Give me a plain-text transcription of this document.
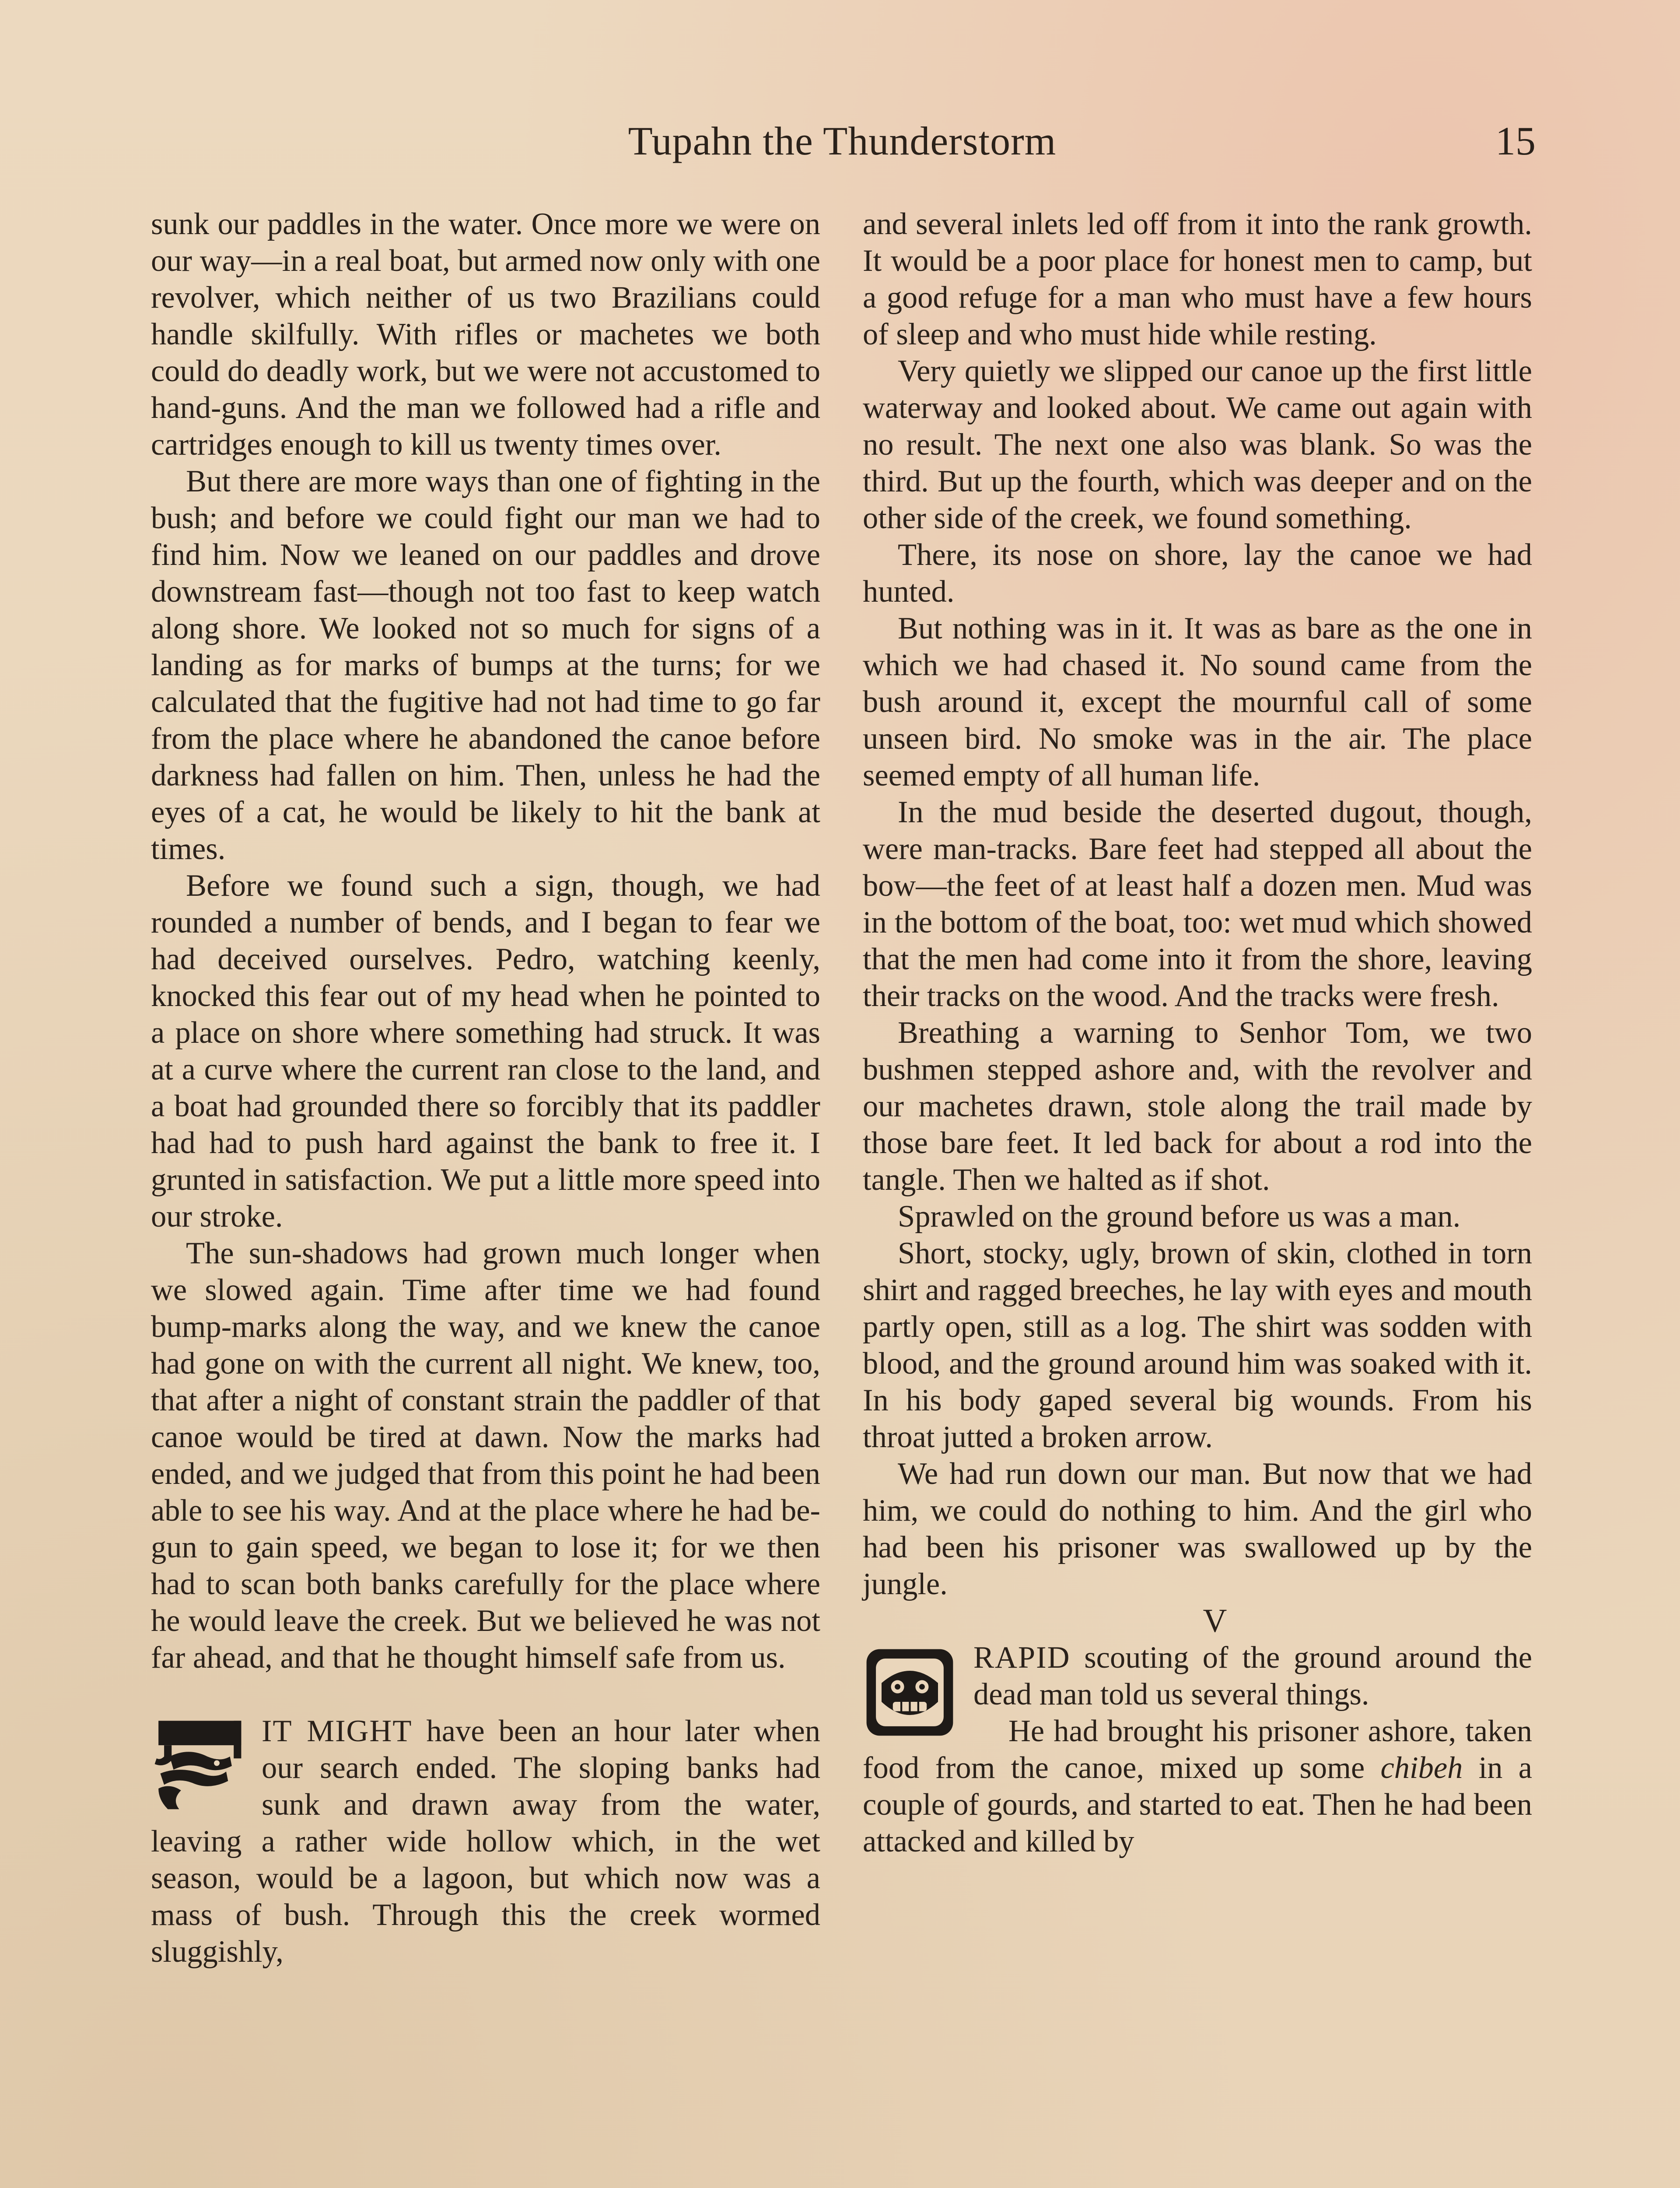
Tupahn the Thunderstorm	15

sunk our paddles in the water. Once more we were on our way—in a real boat, but armed now only with one revolver, which neither of us two Brazilians could handle skilfully. With rifles or machetes we both could do deadly work, but we were not accustomed to hand-guns. And the man we followed had a rifle and cartridges enough to kill us twenty times over.

But there are more ways than one of fighting in the bush; and before we could fight our man we had to find him. Now we leaned on our paddles and drove downstream fast—though not too fast to keep watch along shore. We looked not so much for signs of a landing as for marks of bumps at the turns; for we calculated that the fugitive had not had time to go far from the place where he abandoned the canoe before darkness had fallen on him. Then, unless he had the eyes of a cat, he would be likely to hit the bank at times.

Before we found such a sign, though, we had rounded a number of bends, and I began to fear we had deceived ourselves. Pedro, watching keenly, knocked this fear out of my head when he pointed to a place on shore where something had struck. It was at a curve where the current ran close to the land, and a boat had grounded there so forcibly that its paddler had had to push hard against the bank to free it. I grunted in satisfaction. We put a little more speed into our stroke.

The sun-shadows had grown much longer when we slowed again. Time after time we had found bump-marks along the way, and we knew the canoe had gone on with the current all night. We knew, too, that after a night of constant strain the paddler of that canoe would be tired at dawn. Now the marks had ended, and we judged that from this point he had been able to see his way. And at the place where he had begun to gain speed, we began to lose it; for we then had to scan both banks carefully for the place where he would leave the creek. But we believed he was not far ahead, and that he thought himself safe from us.

IT MIGHT have been an hour later when our search ended. The sloping banks had sunk and drawn away from the water, leaving a rather wide hollow which, in the wet season, would be a lagoon, but which now was a mass of bush. Through this the creek wormed sluggishly,

and several inlets led off from it into the rank growth. It would be a poor place for honest men to camp, but a good refuge for a man who must have a few hours of sleep and who must hide while resting.

Very quietly we slipped our canoe up the first little waterway and looked about. We came out again with no result. The next one also was blank. So was the third. But up the fourth, which was deeper and on the other side of the creek, we found something.

There, its nose on shore, lay the canoe we had hunted.

But nothing was in it. It was as bare as the one in which we had chased it. No sound came from the bush around it, except the mournful call of some unseen bird. No smoke was in the air. The place seemed empty of all human life.

In the mud beside the deserted dugout, though, were man-tracks. Bare feet had stepped all about the bow—the feet of at least half a dozen men. Mud was in the bottom of the boat, too: wet mud which showed that the men had come into it from the shore, leaving their tracks on the wood. And the tracks were fresh.

Breathing a warning to Senhor Tom, we two bushmen stepped ashore and, with the revolver and our machetes drawn, stole along the trail made by those bare feet. It led back for about a rod into the tangle. Then we halted as if shot.

Sprawled on the ground before us was a man.

Short, stocky, ugly, brown of skin, clothed in torn shirt and ragged breeches, he lay with eyes and mouth partly open, still as a log. The shirt was sodden with blood, and the ground around him was soaked with it. In his body gaped several big wounds. From his throat jutted a broken arrow.

We had run down our man. But now that we had him, we could do nothing to him. And the girl who had been his prisoner was swallowed up by the jungle.

V

RAPID scouting of the ground around the dead man told us several things.

He had brought his prisoner ashore, taken food from the canoe, mixed up some chibeh in a couple of gourds, and started to eat. Then he had been attacked and killed by
